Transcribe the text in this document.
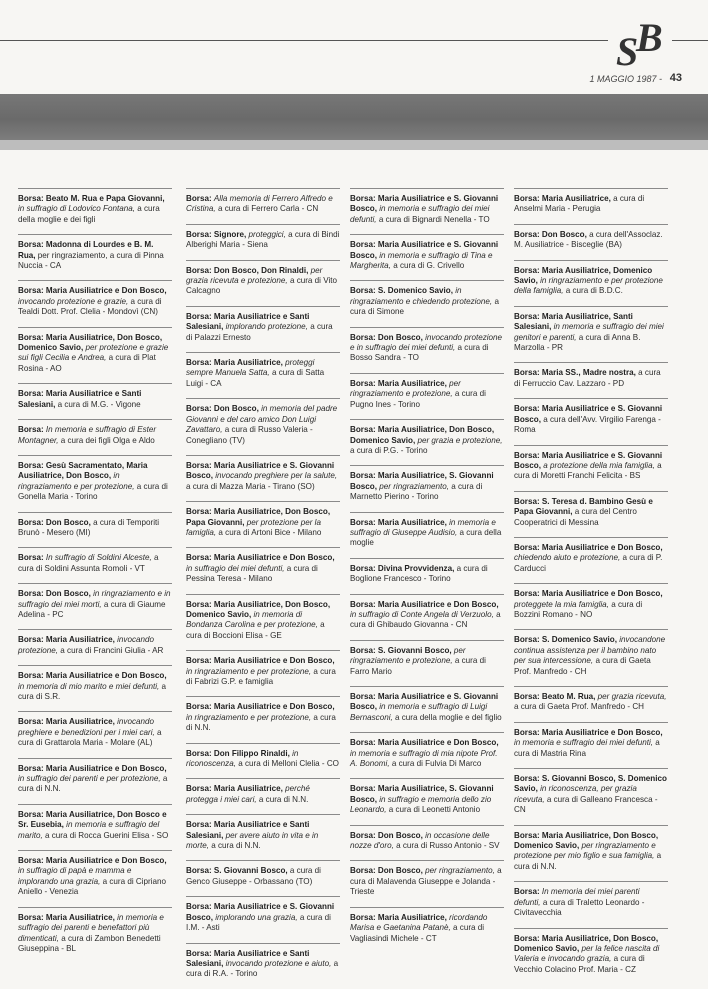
S B
1 MAGGIO 1987 - 43
Borsa: Beato M. Rua e Papa Giovanni, in suffragio di Lodovico Fontana, a cura della moglie e dei figli
Borsa: Madonna di Lourdes e B. M. Rua, per ringraziamento, a cura di Pinna Nuccia - CA
Borsa: Maria Ausiliatrice e Don Bosco, invocando protezione e grazie, a cura di Tealdi Dott. Prof. Clelia - Mondovì (CN)
Borsa: Maria Ausiliatrice, Don Bosco, Domenico Savio, per protezione e grazie sui figli Cecilia e Andrea, a cura di Plat Rosina - AO
Borsa: Maria Ausiliatrice e Santi Salesiani, a cura di M.G. - Vigone
Borsa: In memoria e suffragio di Ester Montagner, a cura dei figli Olga e Aldo
Borsa: Gesù Sacramentato, Maria Ausiliatrice, Don Bosco, in ringraziamento e per protezione, a cura di Gonella Maria - Torino
Borsa: Don Bosco, a cura di Temporiti Brunò - Mesero (MI)
Borsa: In suffragio di Soldini Alceste, a cura di Soldini Assunta Romoli - VT
Borsa: Don Bosco, in ringraziamento e in suffragio dei miei morti, a cura di Giaume Adelina - PC
Borsa: Maria Ausiliatrice, invocando protezione, a cura di Francini Giulia - AR
Borsa: Maria Ausiliatrice e Don Bosco, in memoria di mio marito e miei defunti, a cura di S.R.
Borsa: Maria Ausiliatrice, invocando preghiere e benedizioni per i miei cari, a cura di Grattarola Maria - Molare (AL)
Borsa: Maria Ausiliatrice e Don Bosco, in suffragio dei parenti e per protezione, a cura di N.N.
Borsa: Maria Ausiliatrice, Don Bosco e Sr. Eusebia, in memoria e suffragio del marito, a cura di Rocca Guerini Elisa - SO
Borsa: Maria Ausiliatrice e Don Bosco, in suffragio di papà e mamma e implorando una grazia, a cura di Cipriano Aniello - Venezia
Borsa: Maria Ausiliatrice, in memoria e suffragio dei parenti e benefattori più dimenticati, a cura di Zambon Benedetti Giuseppina - BL
Borsa: Alla memoria di Ferrero Alfredo e Cristina, a cura di Ferrero Carla - CN
Borsa: Signore, proteggici, a cura di Bindi Alberighi Maria - Siena
Borsa: Don Bosco, Don Rinaldi, per grazia ricevuta e protezione, a cura di Vito Calcagno
Borsa: Maria Ausiliatrice e Santi Salesiani, implorando protezione, a cura di Palazzi Ernesto
Borsa: Maria Ausiliatrice, proteggi sempre Manuela Satta, a cura di Satta Luigi - CA
Borsa: Don Bosco, in memoria del padre Giovanni e del caro amico Don Luigi Zavattaro, a cura di Russo Valeria - Conegliano (TV)
Borsa: Maria Ausiliatrice e S. Giovanni Bosco, invocando preghiere per la salute, a cura di Mazza Maria - Tirano (SO)
Borsa: Maria Ausiliatrice, Don Bosco, Papa Giovanni, per protezione per la famiglia, a cura di Artoni Bice - Milano
Borsa: Maria Ausiliatrice e Don Bosco, in suffragio dei miei defunti, a cura di Pessina Teresa - Milano
Borsa: Maria Ausiliatrice, Don Bosco, Domenico Savio, in memoria di Bondanza Carolina e per protezione, a cura di Boccioni Elisa - GE
Borsa: Maria Ausiliatrice e Don Bosco, in ringraziamento e per protezione, a cura di Fabrizi G.P. e famiglia
Borsa: Maria Ausiliatrice e Don Bosco, in ringraziamento e per protezione, a cura di N.N.
Borsa: Don Filippo Rinaldi, in riconoscenza, a cura di Melloni Clelia - CO
Borsa: Maria Ausiliatrice, perché protegga i miei cari, a cura di N.N.
Borsa: Maria Ausiliatrice e Santi Salesiani, per avere aiuto in vita e in morte, a cura di N.N.
Borsa: S. Giovanni Bosco, a cura di Genco Giuseppe - Orbassano (TO)
Borsa: Maria Ausiliatrice e S. Giovanni Bosco, implorando una grazia, a cura di I.M. - Asti
Borsa: Maria Ausiliatrice e Santi Salesiani, invocando protezione e aiuto, a cura di R.A. - Torino
Borsa: Maria Ausiliatrice e S. Giovanni Bosco, in memoria e suffragio dei miei defunti, a cura di Bignardi Nenella - TO
Borsa: Maria Ausiliatrice e S. Giovanni Bosco, in memoria e suffragio di Tina e Margherita, a cura di G. Crivello
Borsa: S. Domenico Savio, in ringraziamento e chiedendo protezione, a cura di Simone
Borsa: Don Bosco, invocando protezione e in suffragio dei miei defunti, a cura di Bosso Sandra - TO
Borsa: Maria Ausiliatrice, per ringraziamento e protezione, a cura di Pugno Ines - Torino
Borsa: Maria Ausiliatrice, Don Bosco, Domenico Savio, per grazia e protezione, a cura di P.G. - Torino
Borsa: Maria Ausiliatrice, S. Giovanni Bosco, per ringraziamento, a cura di Marnetto Pierino - Torino
Borsa: Maria Ausiliatrice, in memoria e suffragio di Giuseppe Audisio, a cura della moglie
Borsa: Divina Provvidenza, a cura di Boglione Francesco - Torino
Borsa: Maria Ausiliatrice e Don Bosco, in suffragio di Conte Angela di Verzuolo, a cura di Ghibaudo Giovanna - CN
Borsa: S. Giovanni Bosco, per ringraziamento e protezione, a cura di Farro Mario
Borsa: Maria Ausiliatrice e S. Giovanni Bosco, in memoria e suffragio di Luigi Bernasconi, a cura della moglie e del figlio
Borsa: Maria Ausiliatrice e Don Bosco, in memoria e suffragio di mia nipote Prof. A. Bonomi, a cura di Fulvia Di Marco
Borsa: Maria Ausiliatrice, S. Giovanni Bosco, in suffragio e memoria dello zio Leonardo, a cura di Leonetti Antonio
Borsa: Don Bosco, in occasione delle nozze d'oro, a cura di Russo Antonio - SV
Borsa: Don Bosco, per ringraziamento, a cura di Malavenda Giuseppe e Jolanda - Trieste
Borsa: Maria Ausiliatrice, ricordando Marisa e Gaetanina Patanè, a cura di Vagliasindi Michele - CT
Borsa: Maria Ausiliatrice, a cura di Anselmi Maria - Perugia
Borsa: Don Bosco, a cura dell'Assoclaz. M. Ausiliatrice - Bisceglie (BA)
Borsa: Maria Ausiliatrice, Domenico Savio, in ringraziamento e per protezione della famiglia, a cura di B.D.C.
Borsa: Maria Ausiliatrice, Santi Salesiani, in memoria e suffragio dei miei genitori e parenti, a cura di Anna B. Marzolla - PR
Borsa: Maria SS., Madre nostra, a cura di Ferruccio Cav. Lazzaro - PD
Borsa: Maria Ausiliatrice e S. Giovanni Bosco, a cura dell'Avv. Virgilio Farenga - Roma
Borsa: Maria Ausiliatrice e S. Giovanni Bosco, a protezione della mia famiglia, a cura di Moretti Franchi Felicita - BS
Borsa: S. Teresa d. Bambino Gesù e Papa Giovanni, a cura del Centro Cooperatrici di Messina
Borsa: Maria Ausiliatrice e Don Bosco, chiedendo aiuto e protezione, a cura di P. Carducci
Borsa: Maria Ausiliatrice e Don Bosco, proteggete la mia famiglia, a cura di Bozzini Romano - NO
Borsa: S. Domenico Savio, invocandone continua assistenza per il bambino nato per sua intercessione, a cura di Gaeta Prof. Manfredo - CH
Borsa: Beato M. Rua, per grazia ricevuta, a cura di Gaeta Prof. Manfredo - CH
Borsa: Maria Ausiliatrice e Don Bosco, in memoria e suffragio dei miei defunti, a cura di Mastria Rina
Borsa: S. Giovanni Bosco, S. Domenico Savio, in riconoscenza, per grazia ricevuta, a cura di Galleano Francesca - CN
Borsa: Maria Ausiliatrice, Don Bosco, Domenico Savio, per ringraziamento e protezione per mio figlio e sua famiglia, a cura di N.N.
Borsa: In memoria dei miei parenti defunti, a cura di Traletto Leonardo - Civitavecchia
Borsa: Maria Ausiliatrice, Don Bosco, Domenico Savio, per la felice nascita di Valeria e invocando grazia, a cura di Vecchio Colacino Prof. Maria - CZ
